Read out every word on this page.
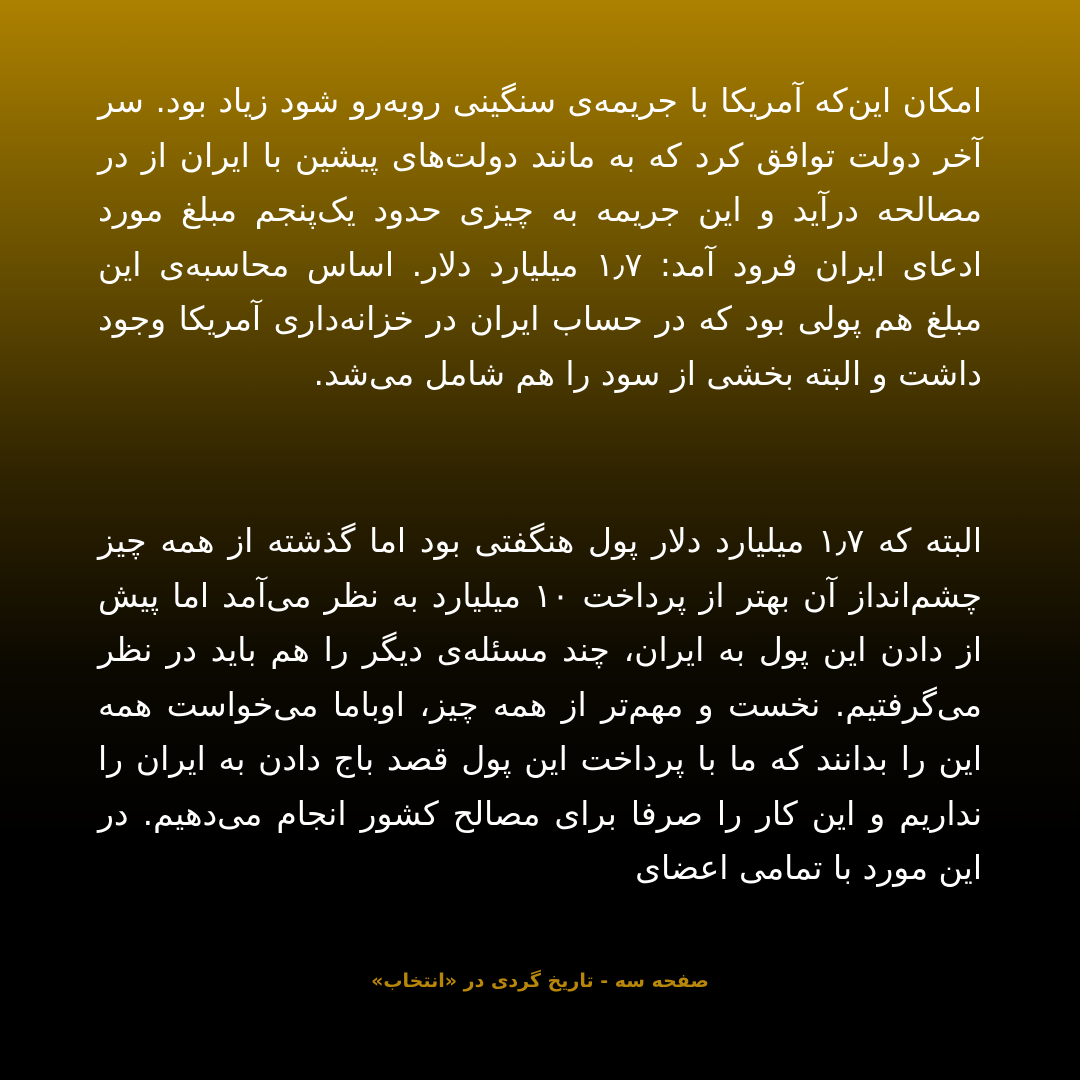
امکان این‌که آمریکا با جریمه‌ی سنگینی روبه‌رو شود زیاد بود. سر آخر دولت توافق کرد که به مانند دولت‌های پیشین با ایران از در مصالحه درآید و این جریمه به چیزی حدود یک‌پنجم مبلغ مورد ادعای ایران فرود آمد: ۱٫۷ میلیارد دلار. اساس محاسبه‌ی این مبلغ هم پولی بود که در حساب ایران در خزانه‌داری آمریکا وجود داشت و البته بخشی از سود را هم شامل می‌شد.

البته که ۱٫۷ میلیارد دلار پول هنگفتی بود اما گذشته از همه چیز چشم‌انداز آن بهتر از پرداخت ۱۰ میلیارد به نظر می‌آمد اما پیش از دادن این پول به ایران، چند مسئله‌ی دیگر را هم باید در نظر می‌گرفتیم. نخست و مهم‌تر از همه چیز، اوباما می‌خواست همه این را بدانند که ما با پرداخت این پول قصد باج دادن به ایران را نداریم و این کار را صرفا برای مصالح کشور انجام می‌دهیم. در این مورد با تمامی اعضای

صفحه سه - تاریخ گردی در «انتخاب»
